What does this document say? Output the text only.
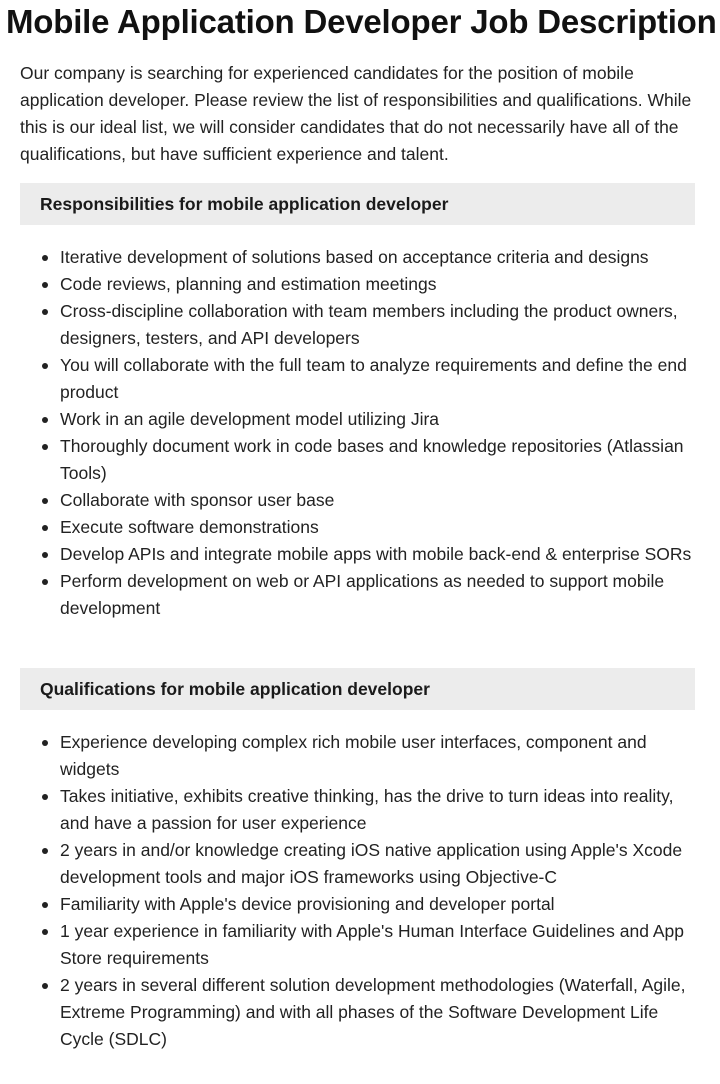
Mobile Application Developer Job Description

Our company is searching for experienced candidates for the position of mobile application developer. Please review the list of responsibilities and qualifications. While this is our ideal list, we will consider candidates that do not necessarily have all of the qualifications, but have sufficient experience and talent.

Responsibilities for mobile application developer
Iterative development of solutions based on acceptance criteria and designs
Code reviews, planning and estimation meetings
Cross-discipline collaboration with team members including the product owners, designers, testers, and API developers
You will collaborate with the full team to analyze requirements and define the end product
Work in an agile development model utilizing Jira
Thoroughly document work in code bases and knowledge repositories (Atlassian Tools)
Collaborate with sponsor user base
Execute software demonstrations
Develop APIs and integrate mobile apps with mobile back-end & enterprise SORs
Perform development on web or API applications as needed to support mobile development
Qualifications for mobile application developer
Experience developing complex rich mobile user interfaces, component and widgets
Takes initiative, exhibits creative thinking, has the drive to turn ideas into reality, and have a passion for user experience
2 years in and/or knowledge creating iOS native application using Apple's Xcode development tools and major iOS frameworks using Objective-C
Familiarity with Apple's device provisioning and developer portal
1 year experience in familiarity with Apple's Human Interface Guidelines and App Store requirements
2 years in several different solution development methodologies (Waterfall, Agile, Extreme Programming) and with all phases of the Software Development Life Cycle (SDLC)
